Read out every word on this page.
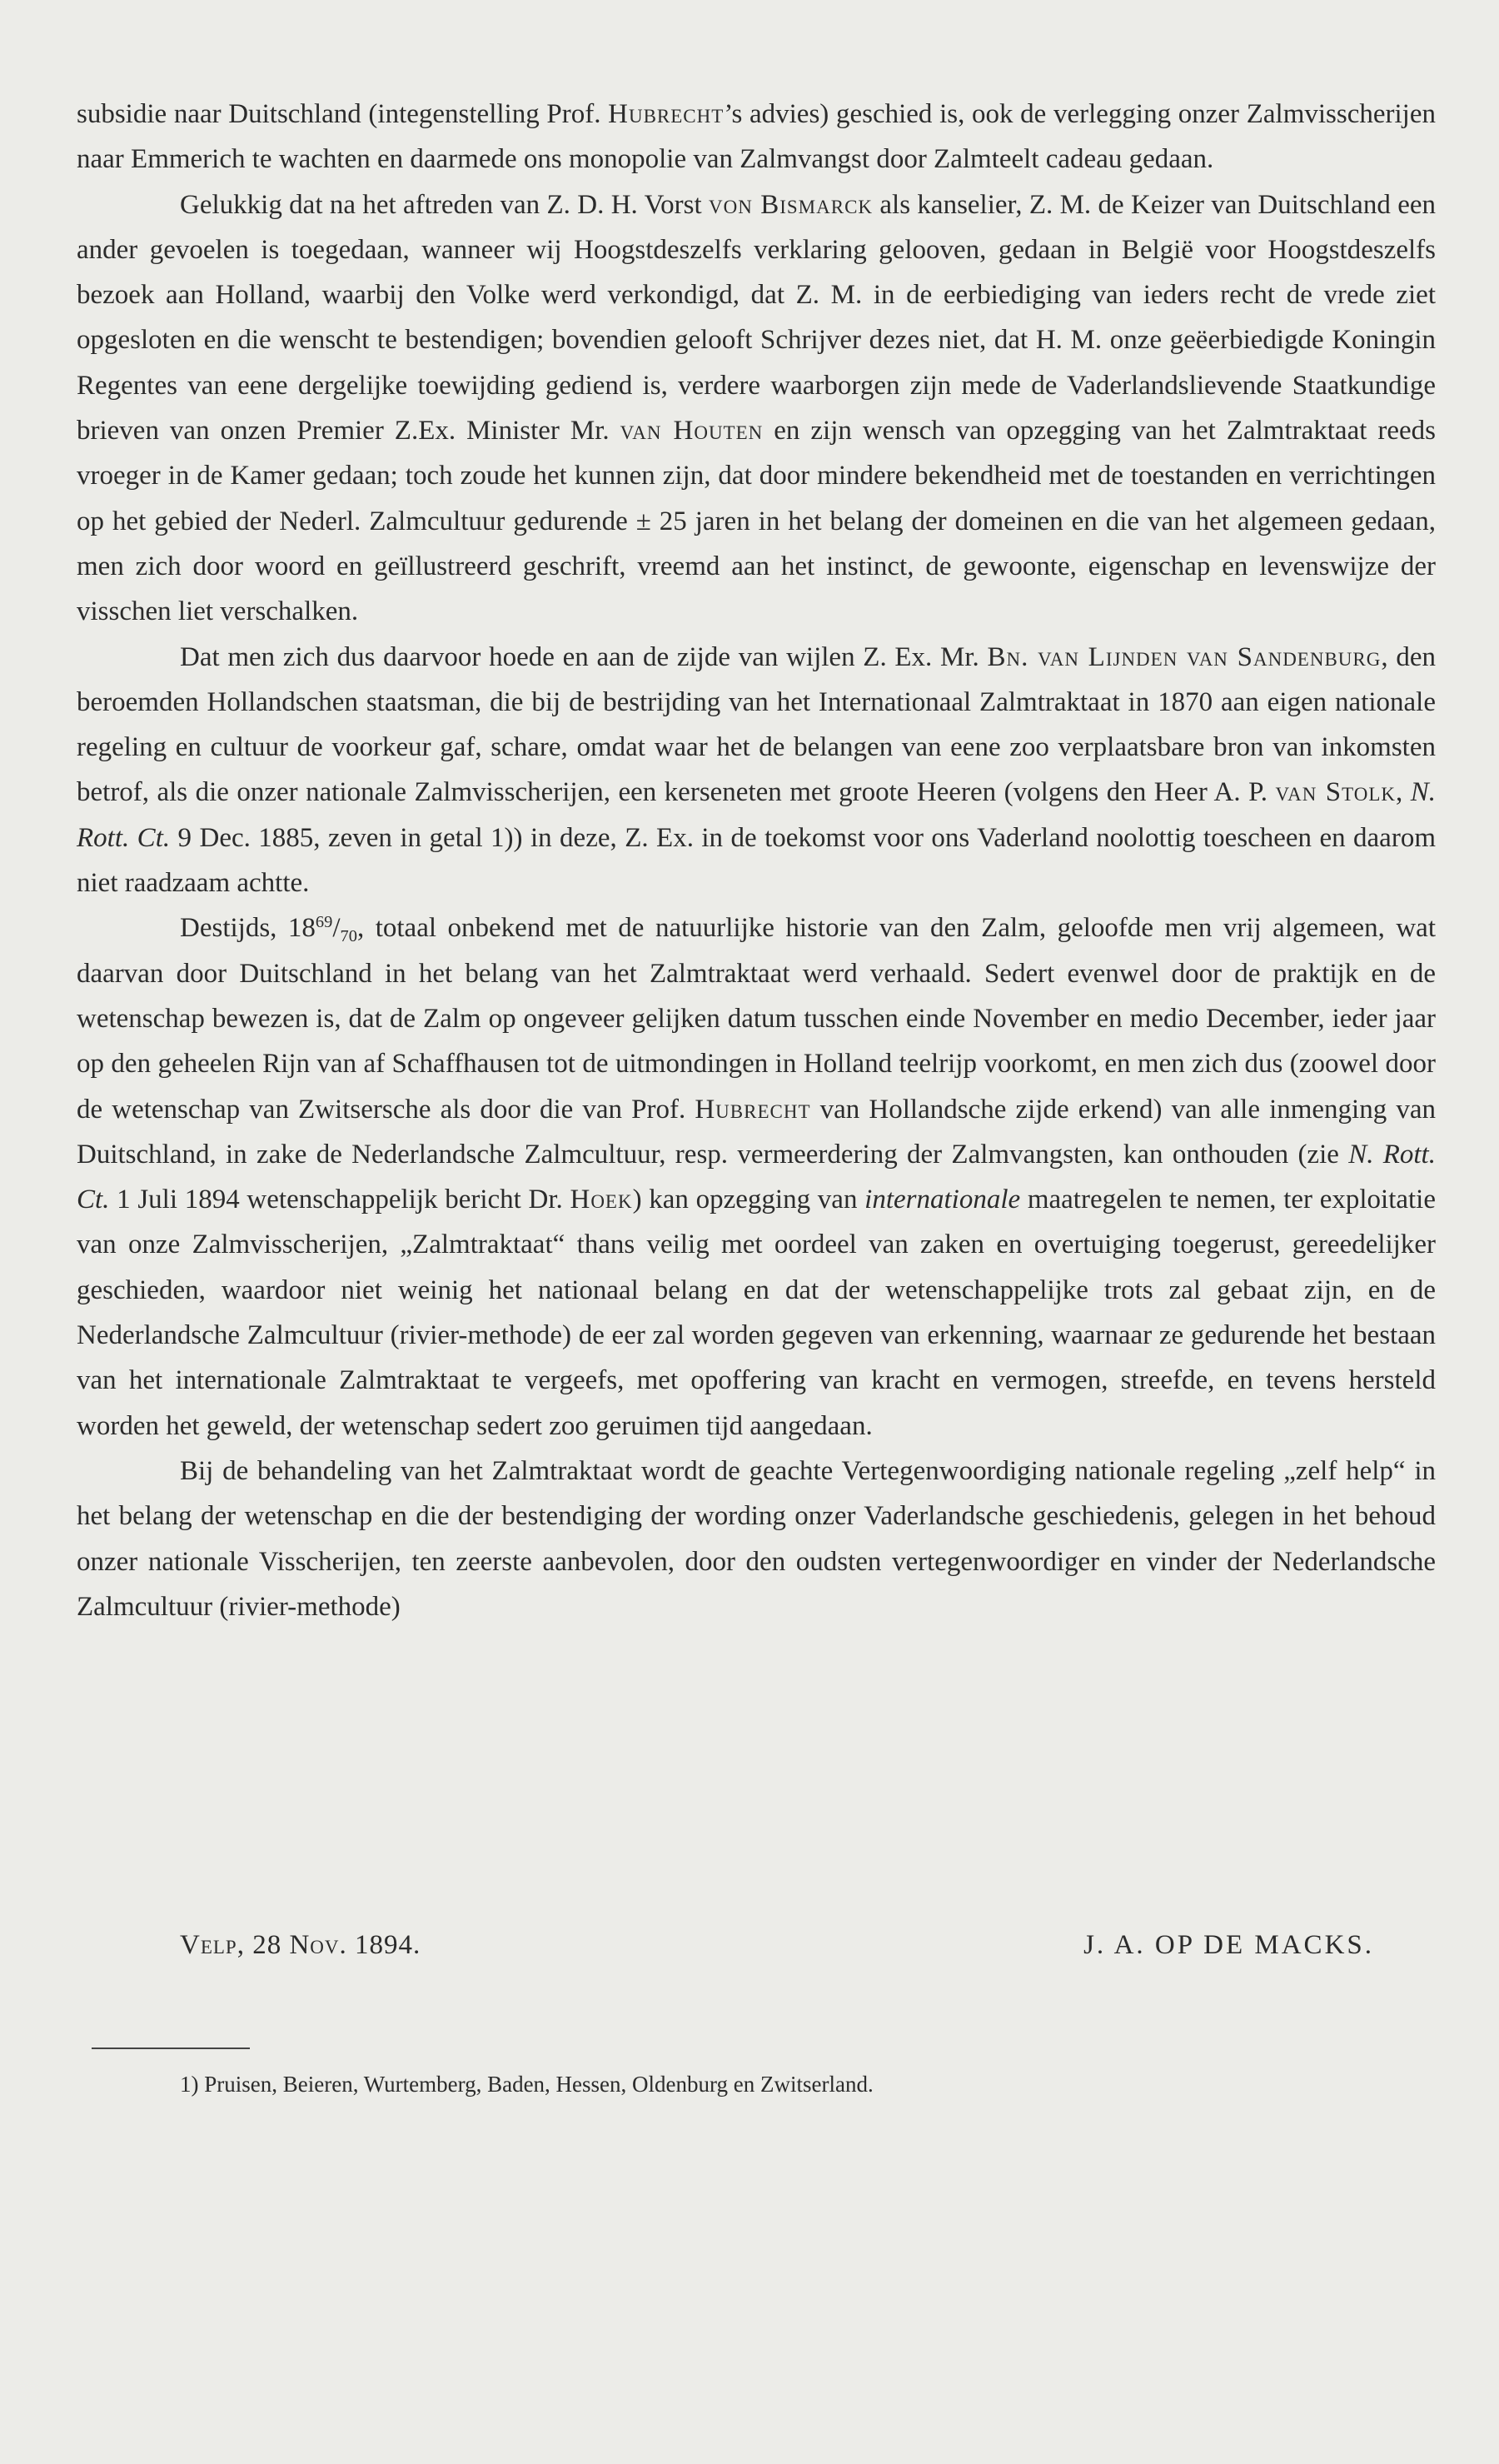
subsidie naar Duitschland (integenstelling Prof. Hubrecht’s advies) geschied is, ook de verlegging onzer Zalmvisscherijen naar Emmerich te wachten en daarmede ons monopolie van Zalmvangst door Zalmteelt cadeau gedaan.

Gelukkig dat na het aftreden van Z. D. H. Vorst von Bismarck als kanselier, Z. M. de Keizer van Duitschland een ander gevoelen is toegedaan, wanneer wij Hoogstdeszelfs verklaring gelooven, gedaan in België voor Hoogstdeszelfs bezoek aan Holland, waarbij den Volke werd verkondigd, dat Z. M. in de eerbiediging van ieders recht de vrede ziet opgesloten en die wenscht te bestendigen; bovendien gelooft Schrijver dezes niet, dat H. M. onze geëerbiedigde Koningin Regentes van eene dergelijke toewijding gediend is, verdere waarborgen zijn mede de Vaderlandslievende Staatkundige brieven van onzen Premier Z.Ex. Minister Mr. van Houten en zijn wensch van opzegging van het Zalmtraktaat reeds vroeger in de Kamer gedaan; toch zoude het kunnen zijn, dat door mindere bekendheid met de toestanden en verrichtingen op het gebied der Nederl. Zalmcultuur gedurende ± 25 jaren in het belang der domeinen en die van het algemeen gedaan, men zich door woord en geïllustreerd geschrift, vreemd aan het instinct, de gewoonte, eigenschap en levenswijze der visschen liet verschalken.

Dat men zich dus daarvoor hoede en aan de zijde van wijlen Z. Ex. Mr. Bn. van Lijnden van Sandenburg, den beroemden Hollandschen staatsman, die bij de bestrijding van het Internationaal Zalmtraktaat in 1870 aan eigen nationale regeling en cultuur de voorkeur gaf, schare, omdat waar het de belangen van eene zoo verplaatsbare bron van inkomsten betrof, als die onzer nationale Zalmvisscherijen, een kerseneten met groote Heeren (volgens den Heer A. P. van Stolk, N. Rott. Ct. 9 Dec. 1885, zeven in getal 1)) in deze, Z. Ex. in de toekomst voor ons Vaderland noolottig toescheen en daarom niet raadzaam achtte.

Destijds, $18^{69}/_{70}$, totaal onbekend met de natuurlijke historie van den Zalm, geloofde men vrij algemeen, wat daarvan door Duitschland in het belang van het Zalmtraktaat werd verhaald. Sedert evenwel door de praktijk en de wetenschap bewezen is, dat de Zalm op ongeveer gelijken datum tusschen einde November en medio December, ieder jaar op den geheelen Rijn van af Schaffhausen tot de uitmondingen in Holland teelrijp voorkomt, en men zich dus (zoowel door de wetenschap van Zwitsersche als door die van Prof. Hubrecht van Hollandsche zijde erkend) van alle inmenging van Duitschland, in zake de Nederlandsche Zalmcultuur, resp. vermeerdering der Zalmvangsten, kan onthouden (zie N. Rott. Ct. 1 Juli 1894 wetenschappelijk bericht Dr. Hoek) kan opzegging van internationale maatregelen te nemen, ter exploitatie van onze Zalmvisscherijen, „Zalmtraktaat“ thans veilig met oordeel van zaken en overtuiging toegerust, gereedelijker geschieden, waardoor niet weinig het nationaal belang en dat der wetenschappelijke trots zal gebaat zijn, en de Nederlandsche Zalmcultuur (rivier-methode) de eer zal worden gegeven van erkenning, waarnaar ze gedurende het bestaan van het internationale Zalmtraktaat te vergeefs, met opoffering van kracht en vermogen, streefde, en tevens hersteld worden het geweld, der wetenschap sedert zoo geruimen tijd aangedaan.

Bij de behandeling van het Zalmtraktaat wordt de geachte Vertegenwoordiging nationale regeling „zelf help“ in het belang der wetenschap en die der bestendiging der wording onzer Vaderlandsche geschiedenis, gelegen in het behoud onzer nationale Visscherijen, ten zeerste aanbevolen, door den oudsten vertegenwoordiger en vinder der Nederlandsche Zalmcultuur (rivier-methode)

Velp, 28 Nov. 1894.	J. A. OP DE MACKS.
1) Pruisen, Beieren, Wurtemberg, Baden, Hessen, Oldenburg en Zwitserland.
